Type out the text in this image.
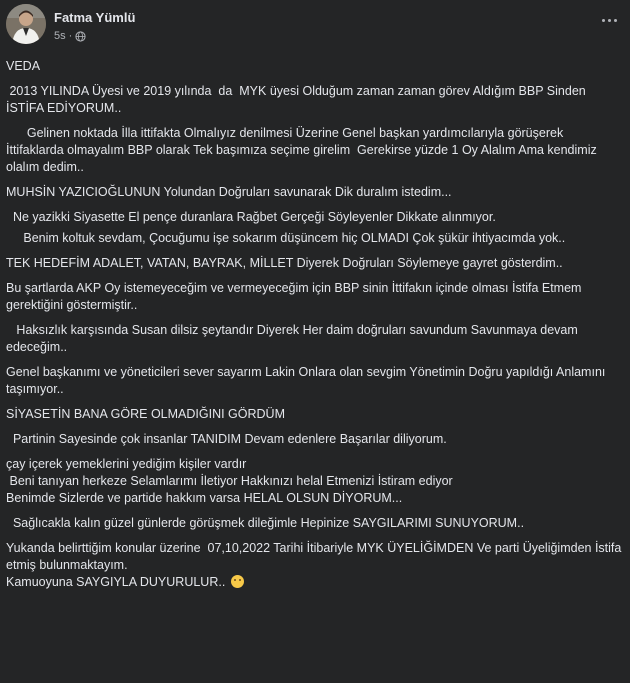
Fatma Yümlü
5s ·

VEDA

2013 YILINDA Üyesi ve 2019 yılında  da  MYK üyesi Olduğum zaman zaman görev Aldığım BBP Sinden İSTİFA EDİYORUM..

Gelinen noktada İlla ittifakta Olmalıyız denilmesi Üzerine Genel başkan yardımcılarıyla görüşerek İttifaklarda olmayalım BBP olarak Tek başımıza seçime girelim  Gerekirse yüzde 1 Oy Alalım Ama kendimiz olalım dedim..

MUHSİN YAZICIOĞLUNUN Yolundan Doğruları savunarak Dik duralım istedim...

Ne yazikki Siyasette El pençe duranlara Rağbet Gerçeği Söyleyenler Dikkate alınmıyor.

Benim koltuk sevdam, Çocuğumu işe sokarım düşüncem hiç OLMADI Çok şükür ihtiyacımda yok..

TEK HEDEFİM ADALET, VATAN, BAYRAK, MİLLET Diyerek Doğruları Söylemeye gayret gösterdim..

Bu şartlarda AKP Oy istemeyeceğim ve vermeyeceğim için BBP sinin İttifakın içinde olması İstifa Etmem gerektiğini göstermiştir..

Haksızlık karşısında Susan dilsiz şeytandır Diyerek Her daim doğruları savundum Savunmaya devam edeceğim..

Genel başkanımı ve yöneticileri sever sayarım Lakin Onlara olan sevgim Yönetimin Doğru yapıldığı Anlamını taşımıyor..

SİYASETİN BANA GÖRE OLMADIĞINI GÖRDÜM

Partinin Sayesinde çok insanlar TANIDIM Devam edenlere Başarılar diliyorum.

çay içerek yemeklerini yediğim kişiler vardır

Beni tanıyan herkeze Selamlarımı İletiyor Hakkınızı helal Etmenizi İstiram ediyor

Benimde Sizlerde ve partide hakkım varsa HELAL OLSUN DİYORUM...

Sağlıcakla kalın güzel günlerde görüşmek dileğimle Hepinize SAYGILARIMI SUNUYORUM..

Yukanda belirttiğim konular üzerine  07,10,2022 Tarihi İtibariyle MYK ÜYELİĞİMDEN Ve parti Üyeliğimden İstifa etmiş bulunmaktayım.

Kamuoyuna SAYGIYLA DUYURULUR..
